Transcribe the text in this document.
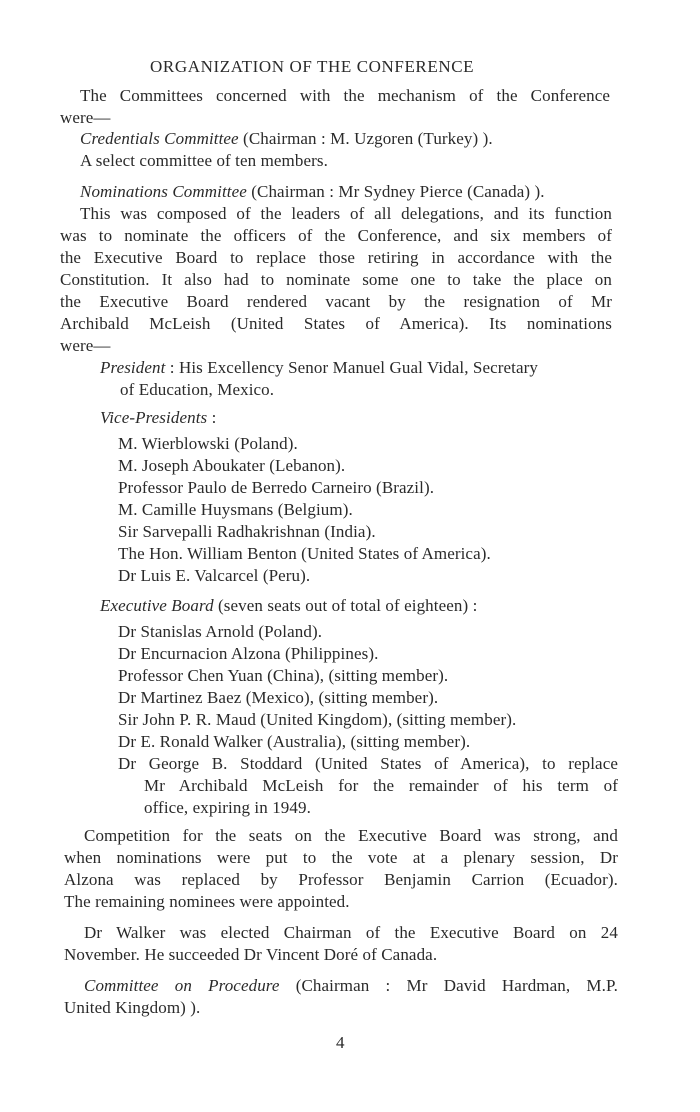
ORGANIZATION OF THE CONFERENCE
The Committees concerned with the mechanism of the Conference
were—
Credentials Committee (Chairman : M. Uzgoren (Turkey) ).
A select committee of ten members.
Nominations Committee (Chairman : Mr Sydney Pierce (Canada) ).
This was composed of the leaders of all delegations, and its function
was to nominate the officers of the Conference, and six members of
the Executive Board to replace those retiring in accordance with the
Constitution. It also had to nominate some one to take the place on
the Executive Board rendered vacant by the resignation of Mr
Archibald McLeish (United States of America). Its nominations
were—
President : His Excellency Senor Manuel Gual Vidal, Secretary
of Education, Mexico.
Vice-Presidents :
M. Wierblowski (Poland).
M. Joseph Aboukater (Lebanon).
Professor Paulo de Berredo Carneiro (Brazil).
M. Camille Huysmans (Belgium).
Sir Sarvepalli Radhakrishnan (India).
The Hon. William Benton (United States of America).
Dr Luis E. Valcarcel (Peru).
Executive Board (seven seats out of total of eighteen) :
Dr Stanislas Arnold (Poland).
Dr Encurnacion Alzona (Philippines).
Professor Chen Yuan (China), (sitting member).
Dr Martinez Baez (Mexico), (sitting member).
Sir John P. R. Maud (United Kingdom), (sitting member).
Dr E. Ronald Walker (Australia), (sitting member).
Dr George B. Stoddard (United States of America), to replace
Mr Archibald McLeish for the remainder of his term of
office, expiring in 1949.
Competition for the seats on the Executive Board was strong, and
when nominations were put to the vote at a plenary session, Dr
Alzona was replaced by Professor Benjamin Carrion (Ecuador).
The remaining nominees were appointed.
Dr Walker was elected Chairman of the Executive Board on 24
November. He succeeded Dr Vincent Doré of Canada.
Committee on Procedure (Chairman : Mr David Hardman, M.P.
United Kingdom) ).
4
